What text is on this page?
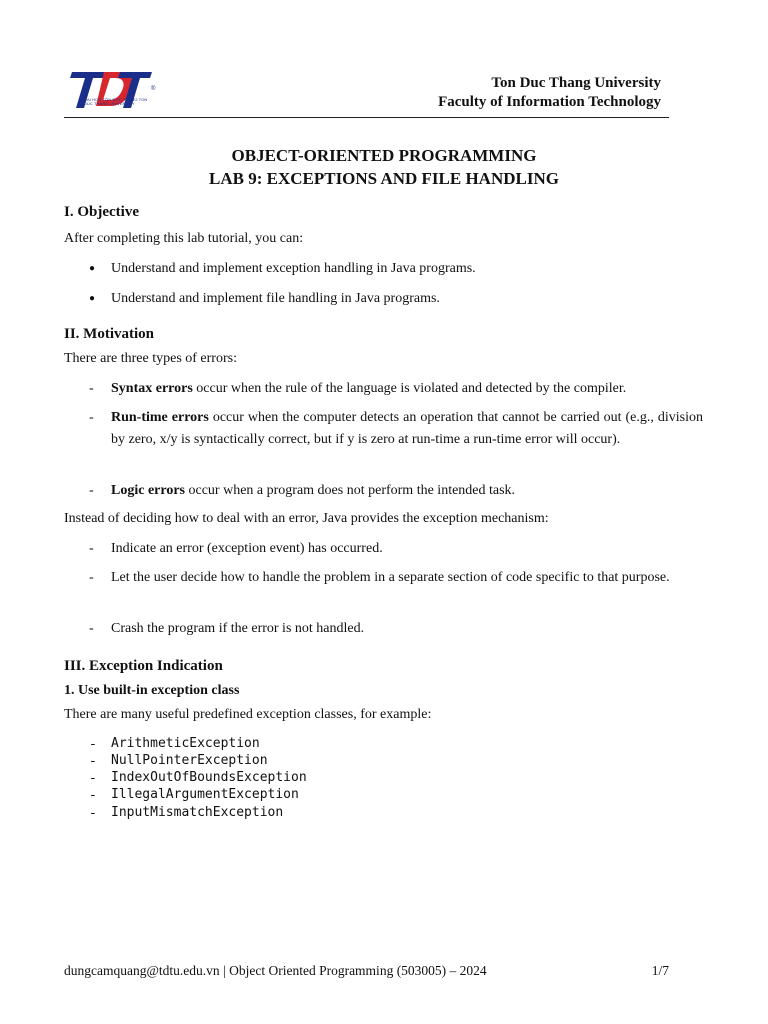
®
ĐẠI HỌC TÔN ĐỨC THẮNG TON DUC THANG UNIVERSITY
Ton Duc Thang University
Faculty of Information Technology
OBJECT-ORIENTED PROGRAMMING
LAB 9: EXCEPTIONS AND FILE HANDLING
I. Objective
After completing this lab tutorial, you can:
● Understand and implement exception handling in Java programs.
● Understand and implement file handling in Java programs.
II. Motivation
There are three types of errors:
- Syntax errors occur when the rule of the language is violated and detected by the compiler.
- Run-time errors occur when the computer detects an operation that cannot be carried out (e.g., division by zero, x/y is syntactically correct, but if y is zero at run-time a run-time error will occur).
- Logic errors occur when a program does not perform the intended task.
Instead of deciding how to deal with an error, Java provides the exception mechanism:
- Indicate an error (exception event) has occurred.
- Let the user decide how to handle the problem in a separate section of code specific to that purpose.
- Crash the program if the error is not handled.
III. Exception Indication
1. Use built-in exception class
There are many useful predefined exception classes, for example:
- ArithmeticException
- NullPointerException
- IndexOutOfBoundsException
- IllegalArgumentException
- InputMismatchException
dungcamquang@tdtu.edu.vn | Object Oriented Programming (503005) – 2024	1/7
